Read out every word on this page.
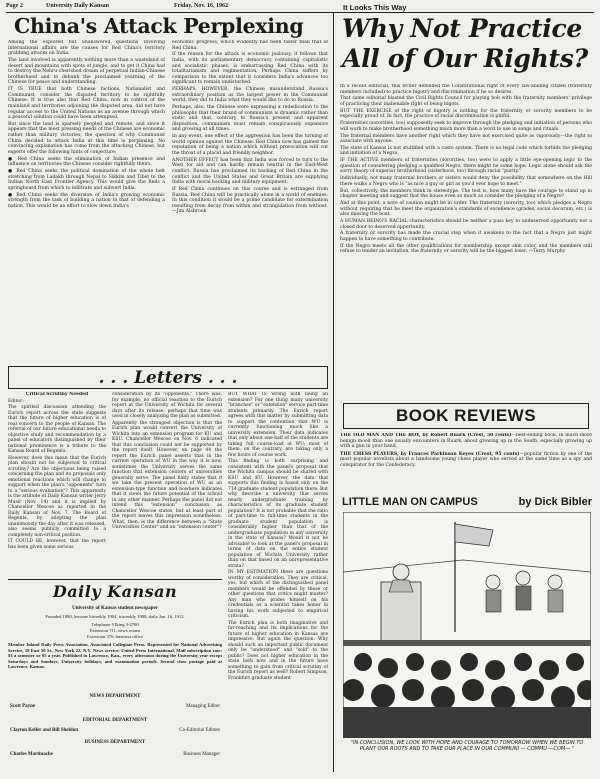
Page 2	University Daily Kansan	Friday, Nov. 16, 1962	It Looks This Way
China's Attack Perplexing

Among the explored but unanswered questions involving international affairs are the causes for Red China's territory grabbing attacks on India.

The land involved is apparently nothing more than a wasteland of desert and mountains with spots of jungle, and to get it China had to destroy the Nehru-cherished dream of perpetual Indian-Chinese brotherhood and to debunk the proclaimed yearning of the Chinese for peace and understanding.

IT IS TRUE that both Chinese factions, Nationalist and Communist, consider the disputed territory to be rightfully Chinese. It is true also that Red China, now in control of the mainland and territories adjoining the disputed area, did not have regular access to the United Nations as an avenue through which a peaceful solution could have been attempted.

But since the land is sparsely peopled and remote, and since it appears that the most pressing needs of the Chinese are economic rather than military victories, the question of why Communist China decided to attack India at this time is perplexing. No convincing explanation has come from the attacking Chinese, but experts offer the following hints of conjecture:

● Red China seeks the elimination of Indian presence and influence on territories the Chinese consider rightfully theirs.

● Red China seeks the political domination of the whole belt stretching from Ladakh through Nepal to Sikkim and Tibet to the Indian North East Frontier Agency. This would give the Reds a springboard from which to infiltrate and subvert India.

● Red China seeks the diversion of India's growing economic strength from the task of building a nation to that of defending a nation. This would be an effort to slow down India's

economic progress, which evidently has been faster than that of Red China.

If the reason for the attack is economic jealousy, it follows that India, with its parliamentary democracy containing capitalistic and socialistic phases, is embarrassing Red China with its totalitarianism and regimentation. Perhaps China suffers by comparison to the extent that it considers India's advances too significant to remain undisturbed.

PERHAPS, HOWEVER, the Chinese misunderstand Russia's extraordinary position as the largest power in the Communist world; they did to India what they would like to do to Russia.

Perhaps, also, the Chinese were expressing a rededication to the philosophy that their brand of communism is dynamic rather than static and that, contrary to Russia's present and apparent disposition, communism must remain conspicuously expansive and growing at all times.

In any event, one effect of the aggression has been the turning of world opinion against the Chinese. Red China now has gained the reputation of being a nation which without provocation will cut the throat of a placid and friendly neighbor.

ANOTHER EFFECT has been that India was forced to turn to the West for aid and can hardly remain neutral in the East-West conflict. Russia has proclaimed its backing of Red China in the conflict and the United States and Great Britain are supplying India with moral backing and military equipment.

If Red China continues on this course and is estranged from Russia, Red China will be practically alone in a world of enemies. In this condition it would be a prime candidate for extermination resulting from decay from within and strangulation from without. —Jim Alsbrook

Why Not Practice
All of Our Rights?

In a recent editorial, this writer defended the Constitutional right of every law-abiding citizen (fraternity members included) to practice bigotry and discrimination if he so desires.

That same editorial blasted the Civil Rights Council for playing hob with the fraternity members' privilege of practicing their inalienable right of being bigots.

BUT THE EXERCISE of the right of bigotry is nothing for the fraternity or sorority members to be especially proud of. In fact, the practice of racial discrimination is pitiful.

Fraternities (sororities, too) supposedly seek to improve through the pledging and initiation of persons who will work to make brotherhood something much more than a word to use in songs and rituals.

The fraternal members have another right which they have not exercised quite as vigorously—the right to associate with anyone.

The state of Kansas is not stultified with a caste system. There is no legal code which forbids the pledging and initiation of a Negro.

IF THE ACTIVE members of fraternities (sororities, too) were to apply a little eye-opening logic to the question of considering pledging a qualified Negro, there might be some hope. Logic alone should ask the sorry theory of superior brotherhood (sisterhood, too) through racial "purity."

Individually, not many fraternal brothers or sisters would deny the possibility that somewhere on the Hill there walks a Negro who is "as nice a guy or girl as you'd ever hope to meet."

But, collectively, the members think in stereotype. The test is, how many have the courage to stand up in chapter meeting and suggest that the house even so much as consider the pledging of a Negro?

And at this point, a note of caution might be in order. The fraternity (sorority, too) which pledges a Negro without requiring that he meet the organization's standards of excellence (grades, social decorum, etc.) is also missing the boat.

A HUMAN BEING'S RACIAL characteristics should be neither a pass key to undeserved opportunity nor a closed door to deserved opportunity.

A fraternity or sorority has made the crucial step when it awakens to the fact that a Negro just might happen to have something to contribute.

If the Negro meets all the other qualifications for membership except skin color, and the members still refuse to tender an invitation, the fraternity or sorority will be the biggest loser. —Terry Murphy

. . . Letters . . .

Critical Scrutiny Needed

Editor:

The spirited discussion attending the Eurich report across the state suggests that the future of higher education is of real concern to the people of Kansas. The referral of our future educational needs to objective study and recommendation by a panel of educators distinguished by their national prominence is a tribute to the Kansas Board of Regents.

However, does this mean that the Eurich plan should not be subjected to critical scrutiny? Are the objections being raised concerning the plan and its proposals only emotional reactions which will change to support when the plan's "opponents" turn to a "serious evaluation"? This apparently is the attitude of Daily Kansan writer Jerry Musil (Nov. 14) and it is implied by Chancellor Wescoe as reported in the Daily Kansan of Nov. 7. The Board of Regents, by adopting the plan unanimously the day after it was released, also seems publicly committed to a completely non-critical position.

IT COULD BE, however, that the report has been given some serious

consideration by its "opponents." There was, for example, no official reaction to the Eurich report at the University of Wichita for several days after its release; perhaps that time was used in closely analyzing the plan as submitted.

Apparently the strongest objection is that the Eurich plan would convert the University of Wichita into an extension program for KU and KSU. Chancellor Wescoe on Nov. 6 indicated that this conclusion could not be supported by the report itself. However, on page 44 the report the Eurich panel asserts that in the current operation of WU in the way it is now, sometimes the University serves the same function that extension centers of universities generally serve. The panel flatly states that if we take the present operation of WU as an extension-type function and nowhere indicates that it views the future potential of the school in any other manner. Perhaps the panel did not intend this "extension" conclusion as Chancellor Wescoe states, but at least part of the report leaves this impression nonetheless. What, then, is the difference between a "State Universities Center" and an "extension center"?

BUT WHAT IS wrong with being an extension? For one thing many university "branches" or "extension" service part-time students primarily. The Eurich report agrees with this matter by submitting data to support the contention that WU is currently functioning much like a university extension. Their data indicates that only about one-half of the students are taking full course-load at WU; most of them, on the contrary, are taking only a few hours of course work.

This finding is both surprising and consistent with the panel's proposal that the Wichita campus should be shared with KSU and KU. However, the data that supports this finding is based only on the 714 graduate student population there. But why describe a university that serves nearly undergraduate training by characteristics of its graduate student population? It is not probable that the ratio of part-time to full-time students in the graduate student population is considerably higher than that of the undergraduate population in any university in the state of Kansas? Would it not be advisable to look at the panel's proposal in terms of data on the entire student population of Wichita University rather than on that based on an unrepresentative strata?

IN MY ESTIMATION these are questions worthy of consideration. They are critical, yes, but which of the distinguished panel members would be offended by these or other questions that critics might muster? Any man who prides himself on his credentials as a scientist takes honor in having his work subjected to empirical criticism.

The Eurich plan is both imaginative and far-reaching and its implications for the future of higher education in Kansas are impressive. But again the question: Why should such an important public document only be "understood" and "sold" to the public? Does not higher education in the state both now and in the future have something to gain from critical scrutiny of the Eurich report as well? Robert Simpson, Frankfurt graduate student

Daily Kansan
University of Kansas student newspaper
Founded 1880, became biweekly 1904, triweekly 1908, daily Jan. 16, 1912.
Telephone VIking 3-2700
Extension 711, news rooms
Extension 376, business office
Member Inland Daily Press Association, Associated Collegiate Press. Represented for National Advertising Service, 18 East 50 St., New York 22, N.Y. News service: United Press International. Mail subscription rate: $3 a semester or $5 a year. Published in Lawrence, Kan., every afternoon during the University year except Saturdays and Sundays, University holidays, and examination periods. Second class postage paid at Lawrence, Kansas.
NEWS DEPARTMENT
Scott Payne	Managing Editor
EDITORIAL DEPARTMENT
Clayton Keller and Bill Sheldon	Co-Editorial Editors
BUSINESS DEPARTMENT
Charles Martinache	Business Manager
BOOK REVIEWS

THE OLD MAN AND THE BOY, by Robert Ruark (Crest, 50 cents)—best-selling book, in much more benign mood than one usually encounters in Ruark, about growing up in the South, especially growing up with a gun in your hand.

THE CHESS PLAYERS, by Frances Parkinson Keyes (Crest, 95 cents)—popular fiction by one of the most popular novelists about a handsome young chess player who served at the same time as a spy and conspirator for the Confederacy.

LITTLE MAN ON CAMPUS	by Dick Bibler
"IN CONCLUSION, WE LOOK WITH HOPE AND COURAGE TO TOMORROW WHEN WE BEGIN TO PLANT OUR ROOTS AND TO TAKE OUR PLACE IN OUR COMMUNI — COMMU —COM— "
